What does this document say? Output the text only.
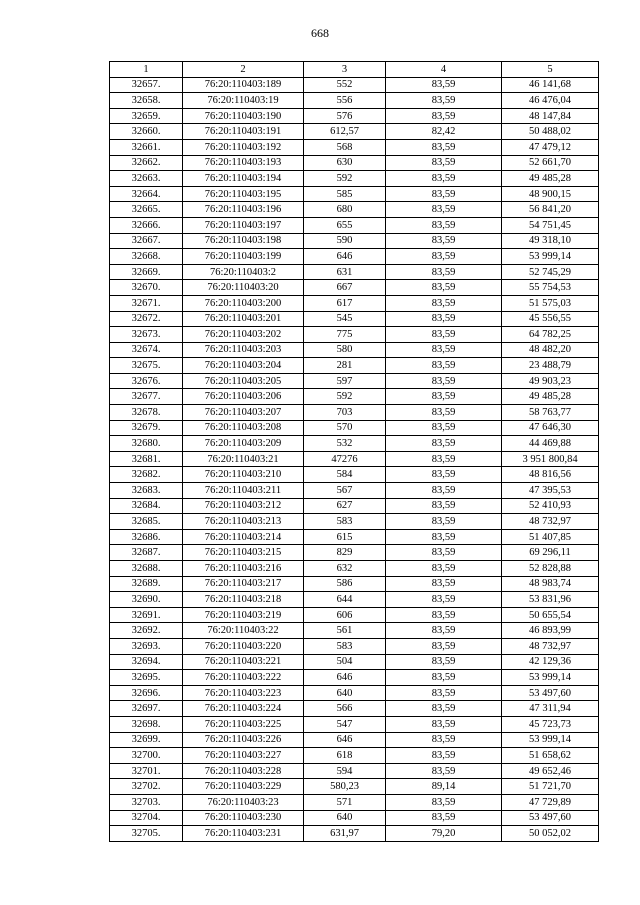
668
1	2	3	4	5
32657.	76:20:110403:189	552	83,59	46 141,68
32658.	76:20:110403:19	556	83,59	46 476,04
32659.	76:20:110403:190	576	83,59	48 147,84
32660.	76:20:110403:191	612,57	82,42	50 488,02
32661.	76:20:110403:192	568	83,59	47 479,12
32662.	76:20:110403:193	630	83,59	52 661,70
32663.	76:20:110403:194	592	83,59	49 485,28
32664.	76:20:110403:195	585	83,59	48 900,15
32665.	76:20:110403:196	680	83,59	56 841,20
32666.	76:20:110403:197	655	83,59	54 751,45
32667.	76:20:110403:198	590	83,59	49 318,10
32668.	76:20:110403:199	646	83,59	53 999,14
32669.	76:20:110403:2	631	83,59	52 745,29
32670.	76:20:110403:20	667	83,59	55 754,53
32671.	76:20:110403:200	617	83,59	51 575,03
32672.	76:20:110403:201	545	83,59	45 556,55
32673.	76:20:110403:202	775	83,59	64 782,25
32674.	76:20:110403:203	580	83,59	48 482,20
32675.	76:20:110403:204	281	83,59	23 488,79
32676.	76:20:110403:205	597	83,59	49 903,23
32677.	76:20:110403:206	592	83,59	49 485,28
32678.	76:20:110403:207	703	83,59	58 763,77
32679.	76:20:110403:208	570	83,59	47 646,30
32680.	76:20:110403:209	532	83,59	44 469,88
32681.	76:20:110403:21	47276	83,59	3 951 800,84
32682.	76:20:110403:210	584	83,59	48 816,56
32683.	76:20:110403:211	567	83,59	47 395,53
32684.	76:20:110403:212	627	83,59	52 410,93
32685.	76:20:110403:213	583	83,59	48 732,97
32686.	76:20:110403:214	615	83,59	51 407,85
32687.	76:20:110403:215	829	83,59	69 296,11
32688.	76:20:110403:216	632	83,59	52 828,88
32689.	76:20:110403:217	586	83,59	48 983,74
32690.	76:20:110403:218	644	83,59	53 831,96
32691.	76:20:110403:219	606	83,59	50 655,54
32692.	76:20:110403:22	561	83,59	46 893,99
32693.	76:20:110403:220	583	83,59	48 732,97
32694.	76:20:110403:221	504	83,59	42 129,36
32695.	76:20:110403:222	646	83,59	53 999,14
32696.	76:20:110403:223	640	83,59	53 497,60
32697.	76:20:110403:224	566	83,59	47 311,94
32698.	76:20:110403:225	547	83,59	45 723,73
32699.	76:20:110403:226	646	83,59	53 999,14
32700.	76:20:110403:227	618	83,59	51 658,62
32701.	76:20:110403:228	594	83,59	49 652,46
32702.	76:20:110403:229	580,23	89,14	51 721,70
32703.	76:20:110403:23	571	83,59	47 729,89
32704.	76:20:110403:230	640	83,59	53 497,60
32705.	76:20:110403:231	631,97	79,20	50 052,02
